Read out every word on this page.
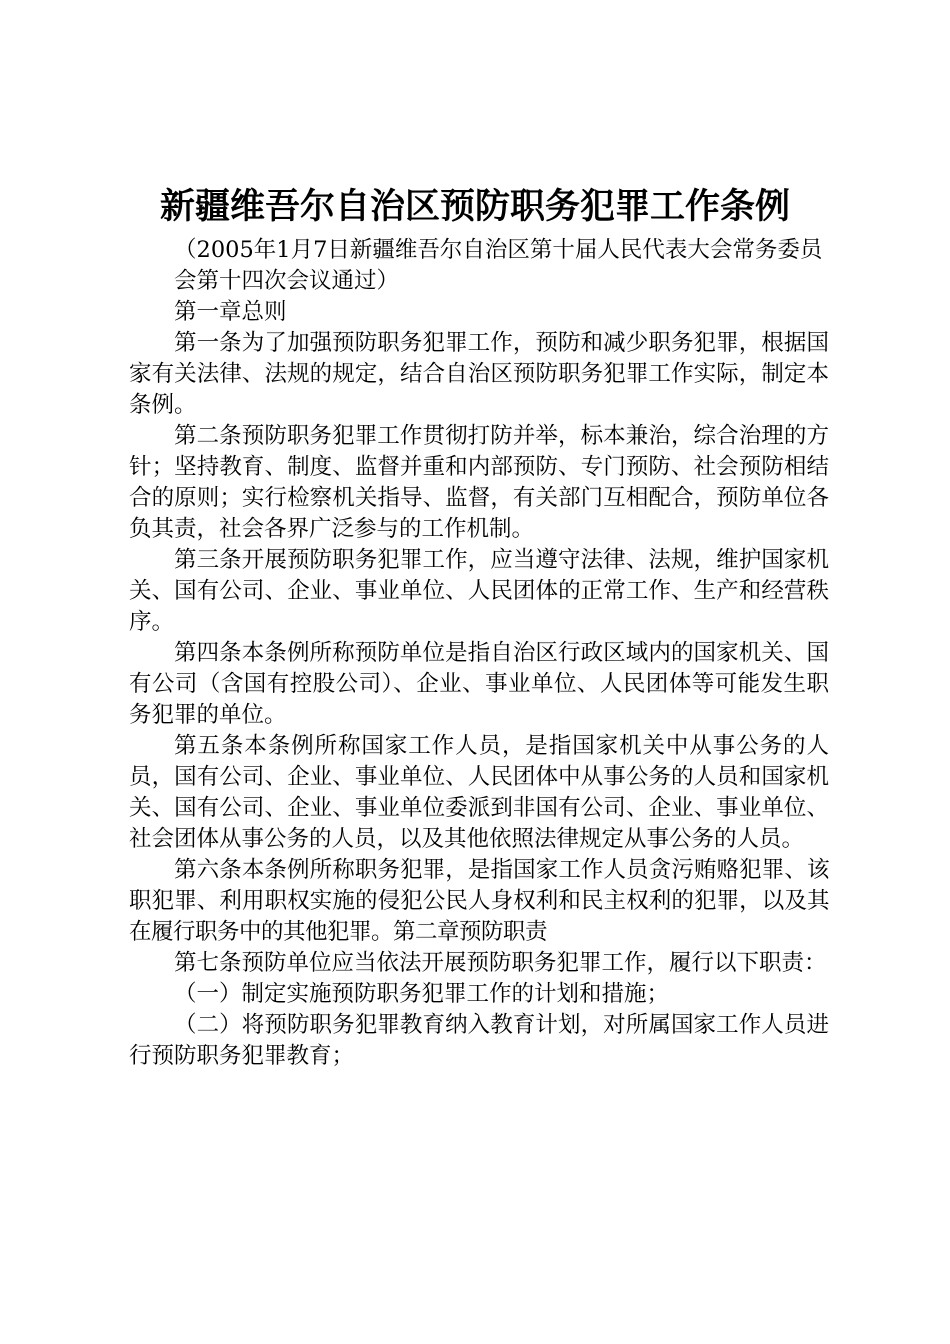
新疆维吾尔自治区预防职务犯罪工作条例

（2005年1月7日新疆维吾尔自治区第十届人民代表大会常务委员

会第十四次会议通过）

第一章总则

第一条为了加强预防职务犯罪工作，预防和减少职务犯罪，根据国家有关法律、法规的规定，结合自治区预防职务犯罪工作实际，制定本条例。

第二条预防职务犯罪工作贯彻打防并举，标本兼治，综合治理的方针；坚持教育、制度、监督并重和内部预防、专门预防、社会预防相结合的原则；实行检察机关指导、监督，有关部门互相配合，预防单位各负其责，社会各界广泛参与的工作机制。

第三条开展预防职务犯罪工作，应当遵守法律、法规，维护国家机关、国有公司、企业、事业单位、人民团体的正常工作、生产和经营秩序。

第四条本条例所称预防单位是指自治区行政区域内的国家机关、国有公司（含国有控股公司）、企业、事业单位、人民团体等可能发生职务犯罪的单位。

第五条本条例所称国家工作人员，是指国家机关中从事公务的人员，国有公司、企业、事业单位、人民团体中从事公务的人员和国家机关、国有公司、企业、事业单位委派到非国有公司、企业、事业单位、社会团体从事公务的人员，以及其他依照法律规定从事公务的人员。

第六条本条例所称职务犯罪，是指国家工作人员贪污贿赂犯罪、该职犯罪、利用职权实施的侵犯公民人身权利和民主权利的犯罪，以及其在履行职务中的其他犯罪。第二章预防职责

第七条预防单位应当依法开展预防职务犯罪工作，履行以下职责：

（一）制定实施预防职务犯罪工作的计划和措施；

（二）将预防职务犯罪教育纳入教育计划，对所属国家工作人员进行预防职务犯罪教育；
